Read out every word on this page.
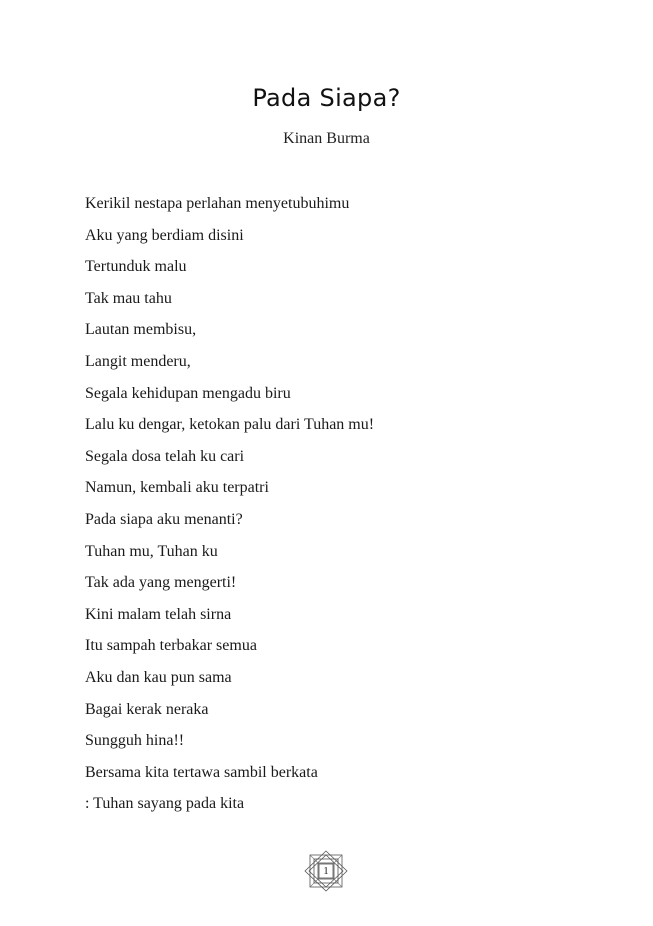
Pada Siapa?
Kinan Burma
Kerikil nestapa perlahan menyetubuhimu
Aku yang berdiam disini
Tertunduk malu
Tak mau tahu
Lautan membisu,
Langit menderu,
Segala kehidupan mengadu biru
Lalu ku dengar, ketokan palu dari Tuhan mu!
Segala dosa telah ku cari
Namun, kembali aku terpatri
Pada siapa aku menanti?
Tuhan mu, Tuhan ku
Tak ada yang mengerti!
Kini malam telah sirna
Itu sampah terbakar semua
Aku dan kau pun sama
Bagai kerak neraka
Sungguh hina!!
Bersama kita tertawa sambil berkata
: Tuhan sayang pada kita
1
